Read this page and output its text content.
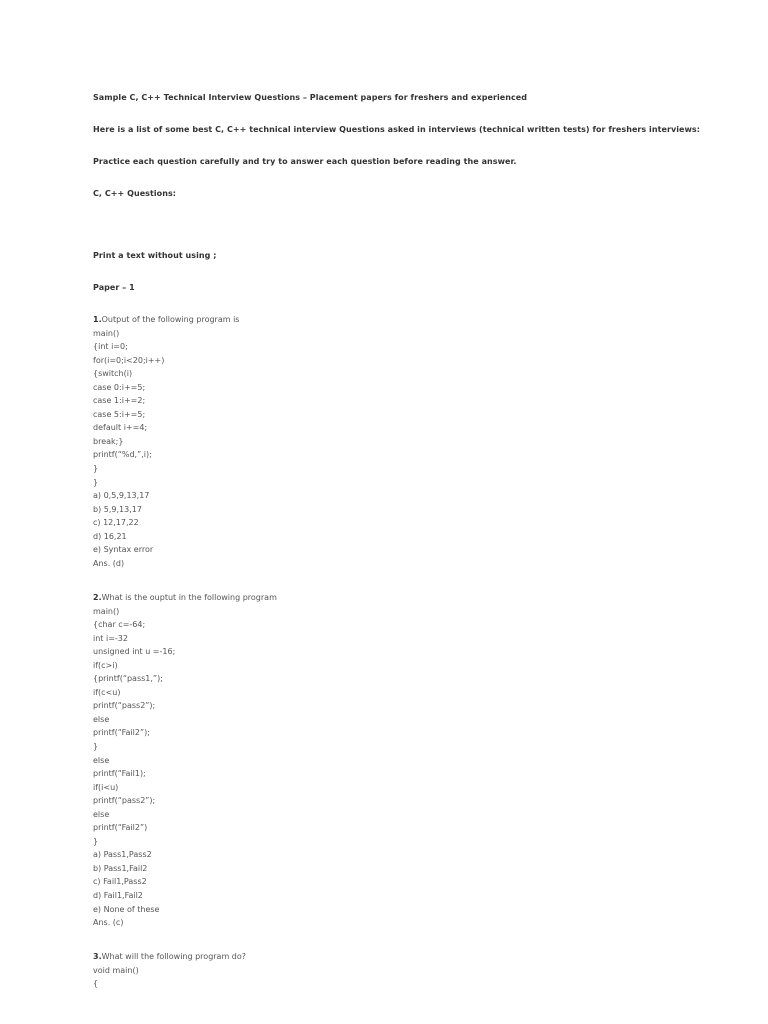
Sample C, C++ Technical Interview Questions – Placement papers for freshers and experienced
Here is a list of some best C, C++ technical interview Questions asked in interviews (technical written tests) for freshers interviews:
Practice each question carefully and try to answer each question before reading the answer.
C, C++ Questions:
Print a text without using ;
Paper – 1
1.Output of the following program is
main()
{int i=0;
for(i=0;i<20;i++)
{switch(i)
case 0:i+=5;
case 1:i+=2;
case 5:i+=5;
default i+=4;
break;}
printf(“%d,”,i);
}
}
a) 0,5,9,13,17
b) 5,9,13,17
c) 12,17,22
d) 16,21
e) Syntax error
Ans. (d)
2.What is the ouptut in the following program
main()
{char c=-64;
int i=-32
unsigned int u =-16;
if(c>i)
{printf(“pass1,”);
if(c<u)
printf(“pass2”);
else
printf(“Fail2”);
}
else
printf(“Fail1);
if(i<u)
printf(“pass2”);
else
printf(“Fail2”)
}
a) Pass1,Pass2
b) Pass1,Fail2
c) Fail1,Pass2
d) Fail1,Fail2
e) None of these
Ans. (c)
3.What will the following program do?
void main()
{
